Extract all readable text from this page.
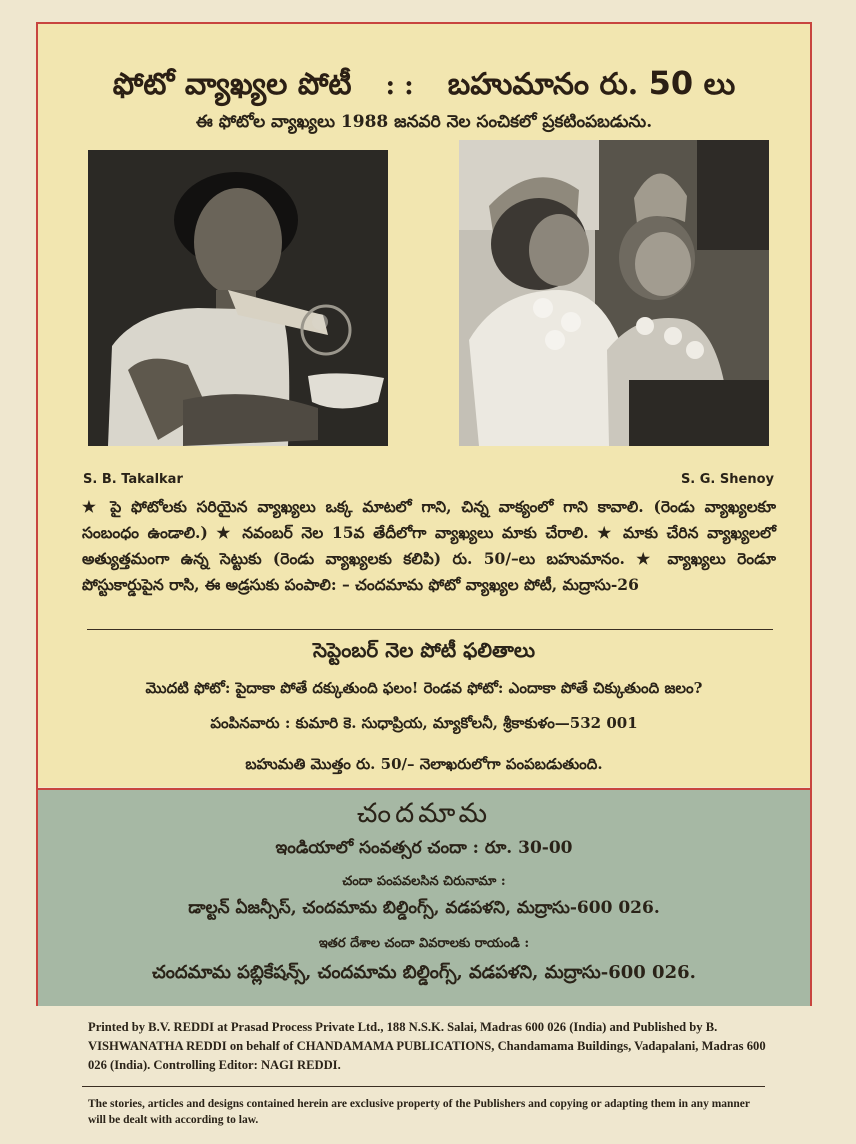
ఫోటో వ్యాఖ్యల పోటీ : : బహుమానం రు. 50 లు
ఈ ఫోటోల వ్యాఖ్యలు 1988 జనవరి నెల సంచికలో ప్రకటింపబడును.
S. B. Takalkar	S. G. Shenoy
★ పై ఫోటోలకు సరియైన వ్యాఖ్యలు ఒక్క మాటలో గాని, చిన్న వాక్యంలో గాని కావాలి. (రెండు వ్యాఖ్యలకూ సంబంధం ఉండాలి.) ★ నవంబర్ నెల 15వ తేదీలోగా వ్యాఖ్యలు మాకు చేరాలి. ★ మాకు చేరిన వ్యాఖ్యలలో అత్యుత్తమంగా ఉన్న సెట్టుకు (రెండు వ్యాఖ్యలకు కలిపి) రు. 50/–లు బహుమానం. ★ వ్యాఖ్యలు రెండూ పోస్టుకార్డుపైన రాసి, ఈ అడ్రసుకు పంపాలి: – చందమామ ఫోటో వ్యాఖ్యల పోటీ, మద్రాసు-26
సెప్టెంబర్ నెల పోటీ ఫలితాలు
మొదటి ఫోటో: పైదాకా పోతే దక్కుతుంది ఫలం! రెండవ ఫోటో: ఎందాకా పోతే చిక్కుతుంది జలం?
పంపినవారు : కుమారి కె. సుధాప్రియ, మ్యాకోలనీ, శ్రీకాకుళం—532 001
బహుమతి మొత్తం రు. 50/– నెలాఖరులోగా పంపబడుతుంది.
చందమామ
ఇండియాలో సంవత్సర చందా : రూ. 30-00
చందా పంపవలసిన చిరునామా :
డాల్టన్ ఏజన్సీస్, చందమామ బిల్డింగ్స్, వడపళని, మద్రాసు-600 026.
ఇతర దేశాల చందా వివరాలకు రాయండి :
చందమామ పబ్లికేషన్స్, చందమామ బిల్డింగ్స్, వడపళని, మద్రాసు-600 026.
Printed by B.V. REDDI at Prasad Process Private Ltd., 188 N.S.K. Salai, Madras 600 026 (India) and Published by B. VISHWANATHA REDDI on behalf of CHANDAMAMA PUBLICATIONS, Chandamama Buildings, Vadapalani, Madras 600 026 (India). Controlling Editor: NAGI REDDI.
The stories, articles and designs contained herein are exclusive property of the Publishers and copying or adapting them in any manner will be dealt with according to law.
